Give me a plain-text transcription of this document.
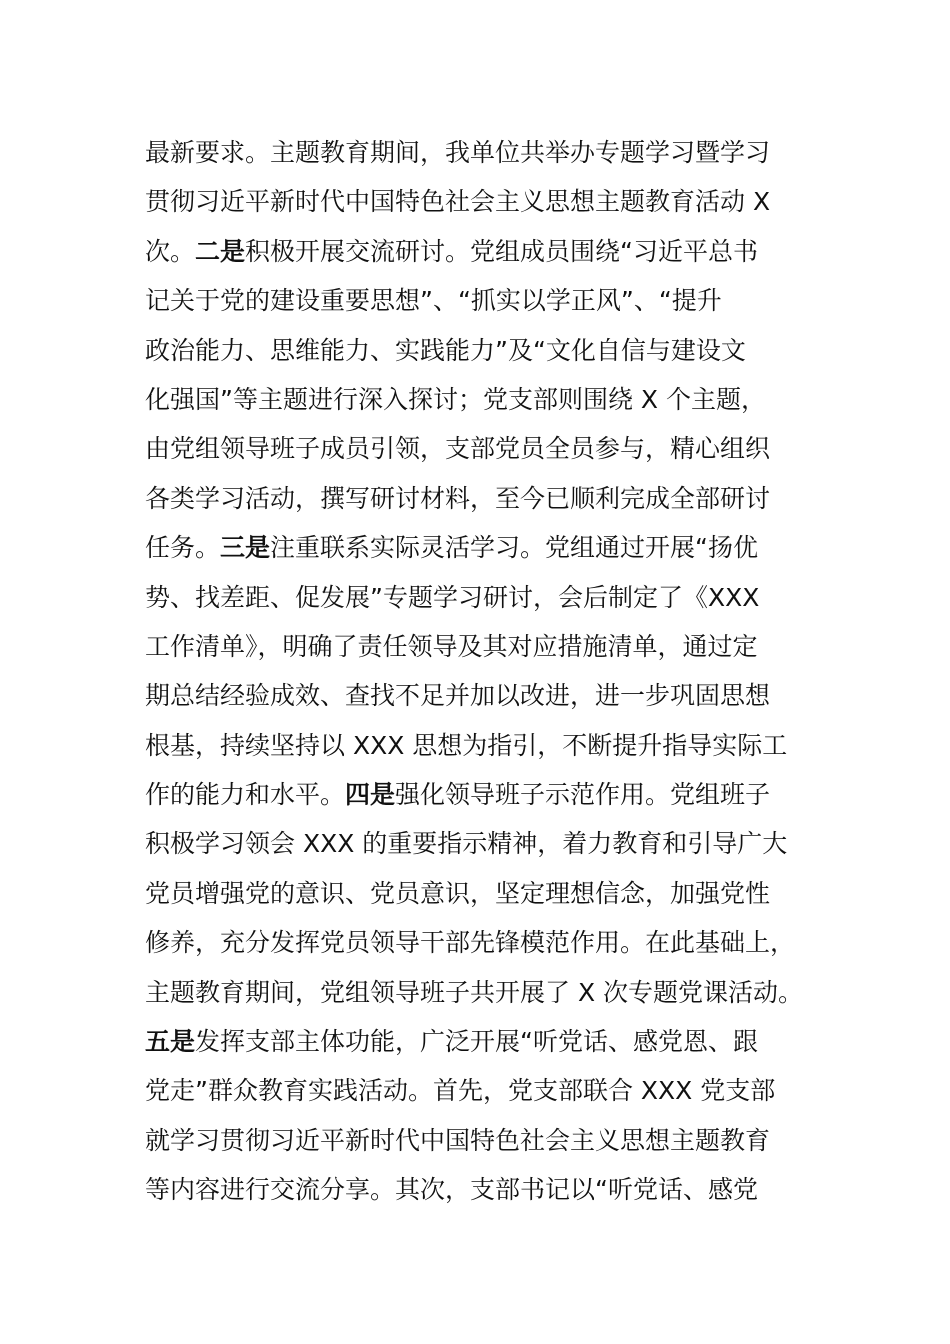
最新要求。主题教育期间，我单位共举办专题学习暨学习
贯彻习近平新时代中国特色社会主义思想主题教育活动 X
次。二是积极开展交流研讨。党组成员围绕“习近平总书
记关于党的建设重要思想”、“抓实以学正风”、“提升
政治能力、思维能力、实践能力”及“文化自信与建设文
化强国”等主题进行深入探讨；党支部则围绕 X 个主题，
由党组领导班子成员引领，支部党员全员参与，精心组织
各类学习活动，撰写研讨材料，至今已顺利完成全部研讨
任务。三是注重联系实际灵活学习。党组通过开展“扬优
势、找差距、促发展”专题学习研讨，会后制定了《XXX
工作清单》，明确了责任领导及其对应措施清单，通过定
期总结经验成效、查找不足并加以改进，进一步巩固思想
根基，持续坚持以 XXX 思想为指引，不断提升指导实际工
作的能力和水平。四是强化领导班子示范作用。党组班子
积极学习领会 XXX 的重要指示精神，着力教育和引导广大
党员增强党的意识、党员意识，坚定理想信念，加强党性
修养，充分发挥党员领导干部先锋模范作用。在此基础上，
主题教育期间，党组领导班子共开展了 X 次专题党课活动。
五是发挥支部主体功能，广泛开展“听党话、感党恩、跟
党走”群众教育实践活动。首先，党支部联合 XXX 党支部
就学习贯彻习近平新时代中国特色社会主义思想主题教育
等内容进行交流分享。其次，支部书记以“听党话、感党
